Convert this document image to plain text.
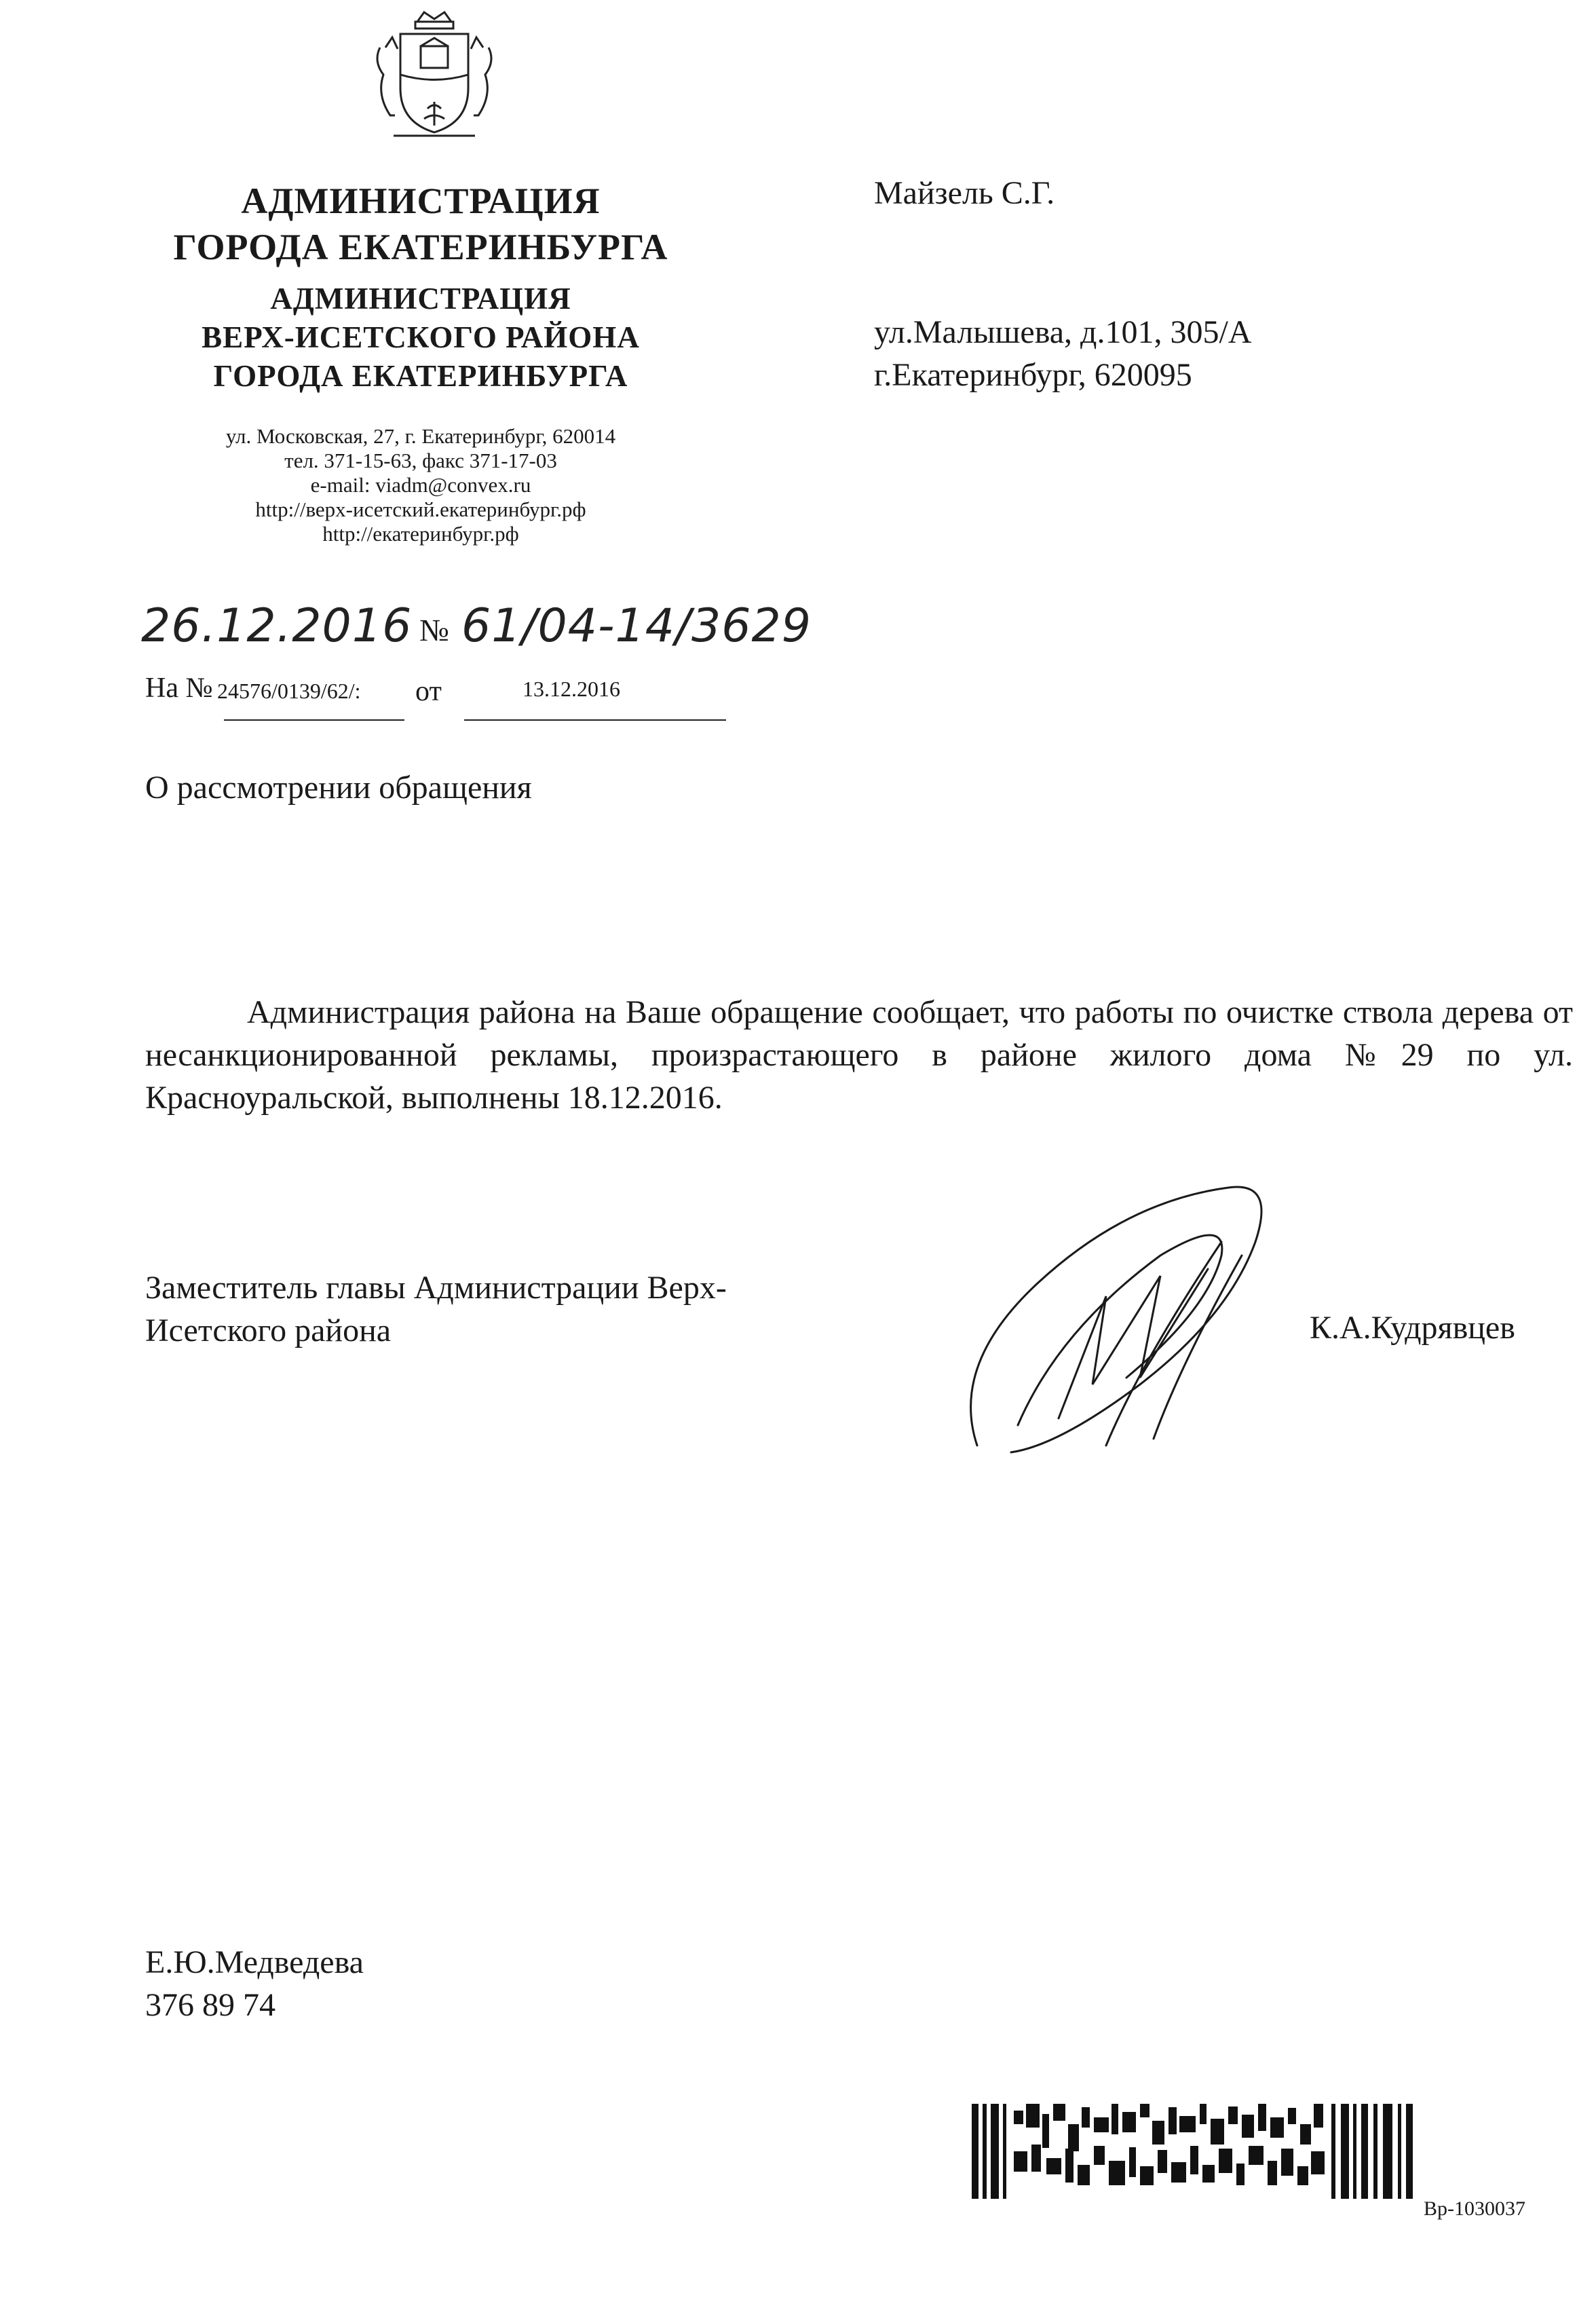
АДМИНИСТРАЦИЯ
ГОРОДА ЕКАТЕРИНБУРГА
АДМИНИСТРАЦИЯ
ВЕРХ-ИСЕТСКОГО РАЙОНА
ГОРОДА ЕКАТЕРИНБУРГА
ул. Московская, 27, г. Екатеринбург, 620014
тел. 371-15-63, факс 371-17-03
e-mail: viadm@convex.ru
http://верх-исетский.екатеринбург.рф
http://екатеринбург.рф
Майзель С.Г.
ул.Малышева, д.101, 305/А
г.Екатеринбург, 620095
26.12.2016 № 61/04-14/3629
На № 24576/0139/62/: от	13.12.2016
О рассмотрении обращения
Администрация района на Ваше обращение сообщает, что работы по очистке ствола дерева от несанкционированной рекламы, произрастающего в районе жилого дома №29 по ул. Красноуральской, выполнены 18.12.2016.
Заместитель главы Администрации Верх-
Исетского района	К.А.Кудрявцев
Е.Ю.Медведева
376 89 74
Вр-1030037
